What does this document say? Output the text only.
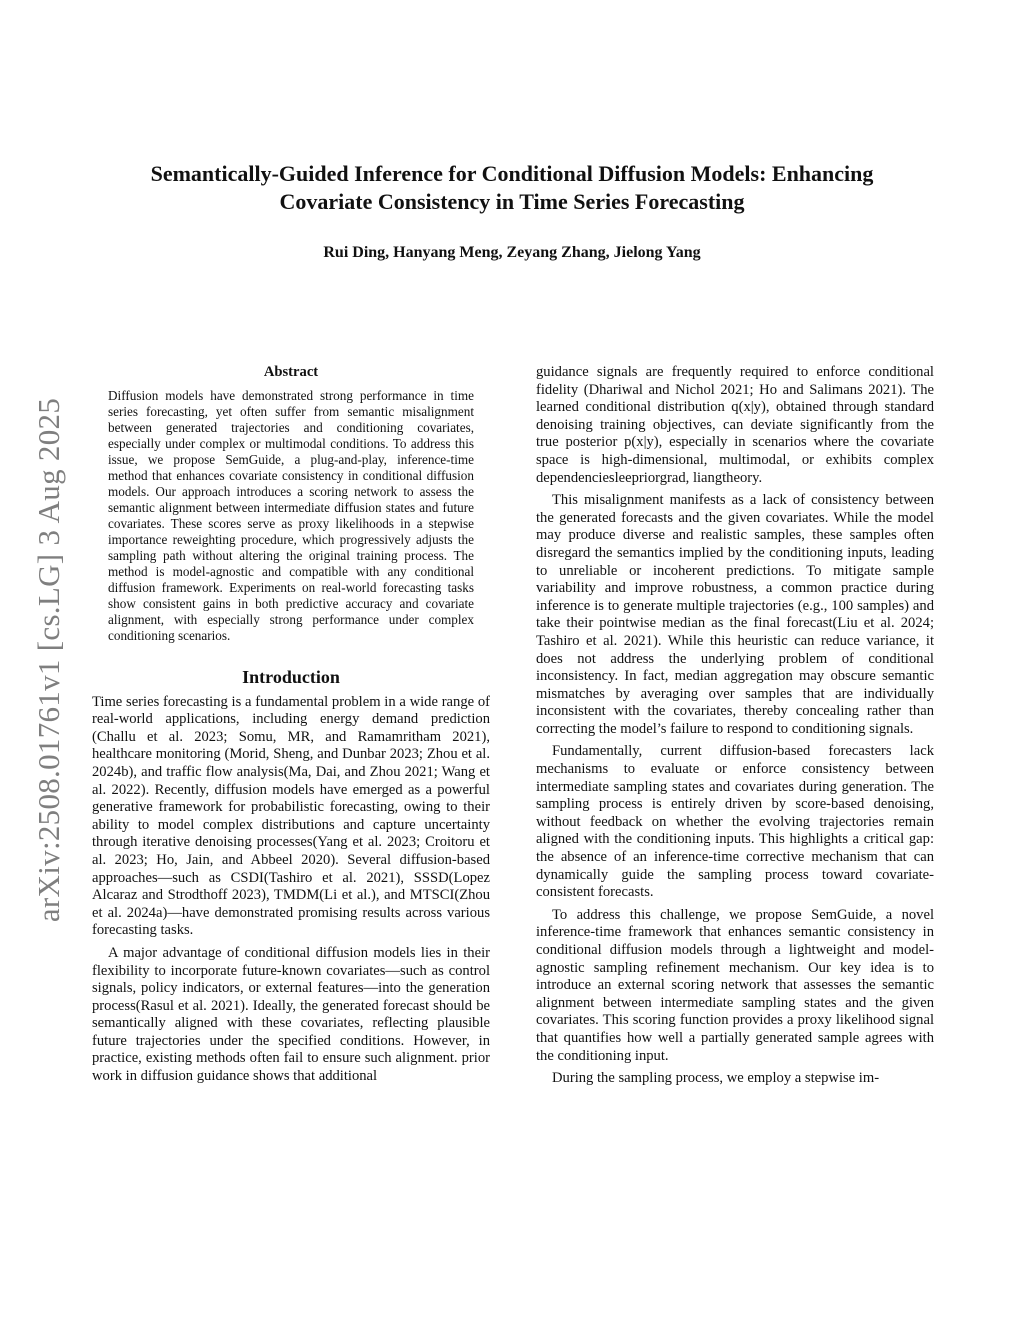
Semantically-Guided Inference for Conditional Diffusion Models: Enhancing
Covariate Consistency in Time Series Forecasting
Rui Ding, Hanyang Meng, Zeyang Zhang, Jielong Yang
arXiv:2508.01761v1 [cs.LG] 3 Aug 2025
Abstract
Diffusion models have demonstrated strong performance in time series forecasting, yet often suffer from semantic misalignment between generated trajectories and conditioning covariates, especially under complex or multimodal conditions. To address this issue, we propose SemGuide, a plug-and-play, inference-time method that enhances covariate consistency in conditional diffusion models. Our approach introduces a scoring network to assess the semantic alignment between intermediate diffusion states and future covariates. These scores serve as proxy likelihoods in a stepwise importance reweighting procedure, which progressively adjusts the sampling path without altering the original training process. The method is model-agnostic and compatible with any conditional diffusion framework. Experiments on real-world forecasting tasks show consistent gains in both predictive accuracy and covariate alignment, with especially strong performance under complex conditioning scenarios.
Introduction

Time series forecasting is a fundamental problem in a wide range of real-world applications, including energy demand prediction (Challu et al. 2023; Somu, MR, and Ramamritham 2021), healthcare monitoring (Morid, Sheng, and Dunbar 2023; Zhou et al. 2024b), and traffic flow analysis(Ma, Dai, and Zhou 2021; Wang et al. 2022). Recently, diffusion models have emerged as a powerful generative framework for probabilistic forecasting, owing to their ability to model complex distributions and capture uncertainty through iterative denoising processes(Yang et al. 2023; Croitoru et al. 2023; Ho, Jain, and Abbeel 2020). Several diffusion-based approaches—such as CSDI(Tashiro et al. 2021), SSSD(Lopez Alcaraz and Strodthoff 2023), TMDM(Li et al.), and MTSCI(Zhou et al. 2024a)—have demonstrated promising results across various forecasting tasks.

A major advantage of conditional diffusion models lies in their flexibility to incorporate future-known covariates—such as control signals, policy indicators, or external features—into the generation process(Rasul et al. 2021). Ideally, the generated forecast should be semantically aligned with these covariates, reflecting plausible future trajectories under the specified conditions. However, in practice, existing methods often fail to ensure such alignment. prior work in diffusion guidance shows that additional

guidance signals are frequently required to enforce conditional fidelity (Dhariwal and Nichol 2021; Ho and Salimans 2021). The learned conditional distribution q(x|y), obtained through standard denoising training objectives, can deviate significantly from the true posterior p(x|y), especially in scenarios where the covariate space is high-dimensional, multimodal, or exhibits complex dependenciesleepriorgrad, liangtheory.

This misalignment manifests as a lack of consistency between the generated forecasts and the given covariates. While the model may produce diverse and realistic samples, these samples often disregard the semantics implied by the conditioning inputs, leading to unreliable or incoherent predictions. To mitigate sample variability and improve robustness, a common practice during inference is to generate multiple trajectories (e.g., 100 samples) and take their pointwise median as the final forecast(Liu et al. 2024; Tashiro et al. 2021). While this heuristic can reduce variance, it does not address the underlying problem of conditional inconsistency. In fact, median aggregation may obscure semantic mismatches by averaging over samples that are individually inconsistent with the covariates, thereby concealing rather than correcting the model’s failure to respond to conditioning signals.

Fundamentally, current diffusion-based forecasters lack mechanisms to evaluate or enforce consistency between intermediate sampling states and covariates during generation. The sampling process is entirely driven by score-based denoising, without feedback on whether the evolving trajectories remain aligned with the conditioning inputs. This highlights a critical gap: the absence of an inference-time corrective mechanism that can dynamically guide the sampling process toward covariate-consistent forecasts.

To address this challenge, we propose SemGuide, a novel inference-time framework that enhances semantic consistency in conditional diffusion models through a lightweight and model-agnostic sampling refinement mechanism. Our key idea is to introduce an external scoring network that assesses the semantic alignment between intermediate sampling states and the given covariates. This scoring function provides a proxy likelihood signal that quantifies how well a partially generated sample agrees with the conditioning input.

During the sampling process, we employ a stepwise im-
